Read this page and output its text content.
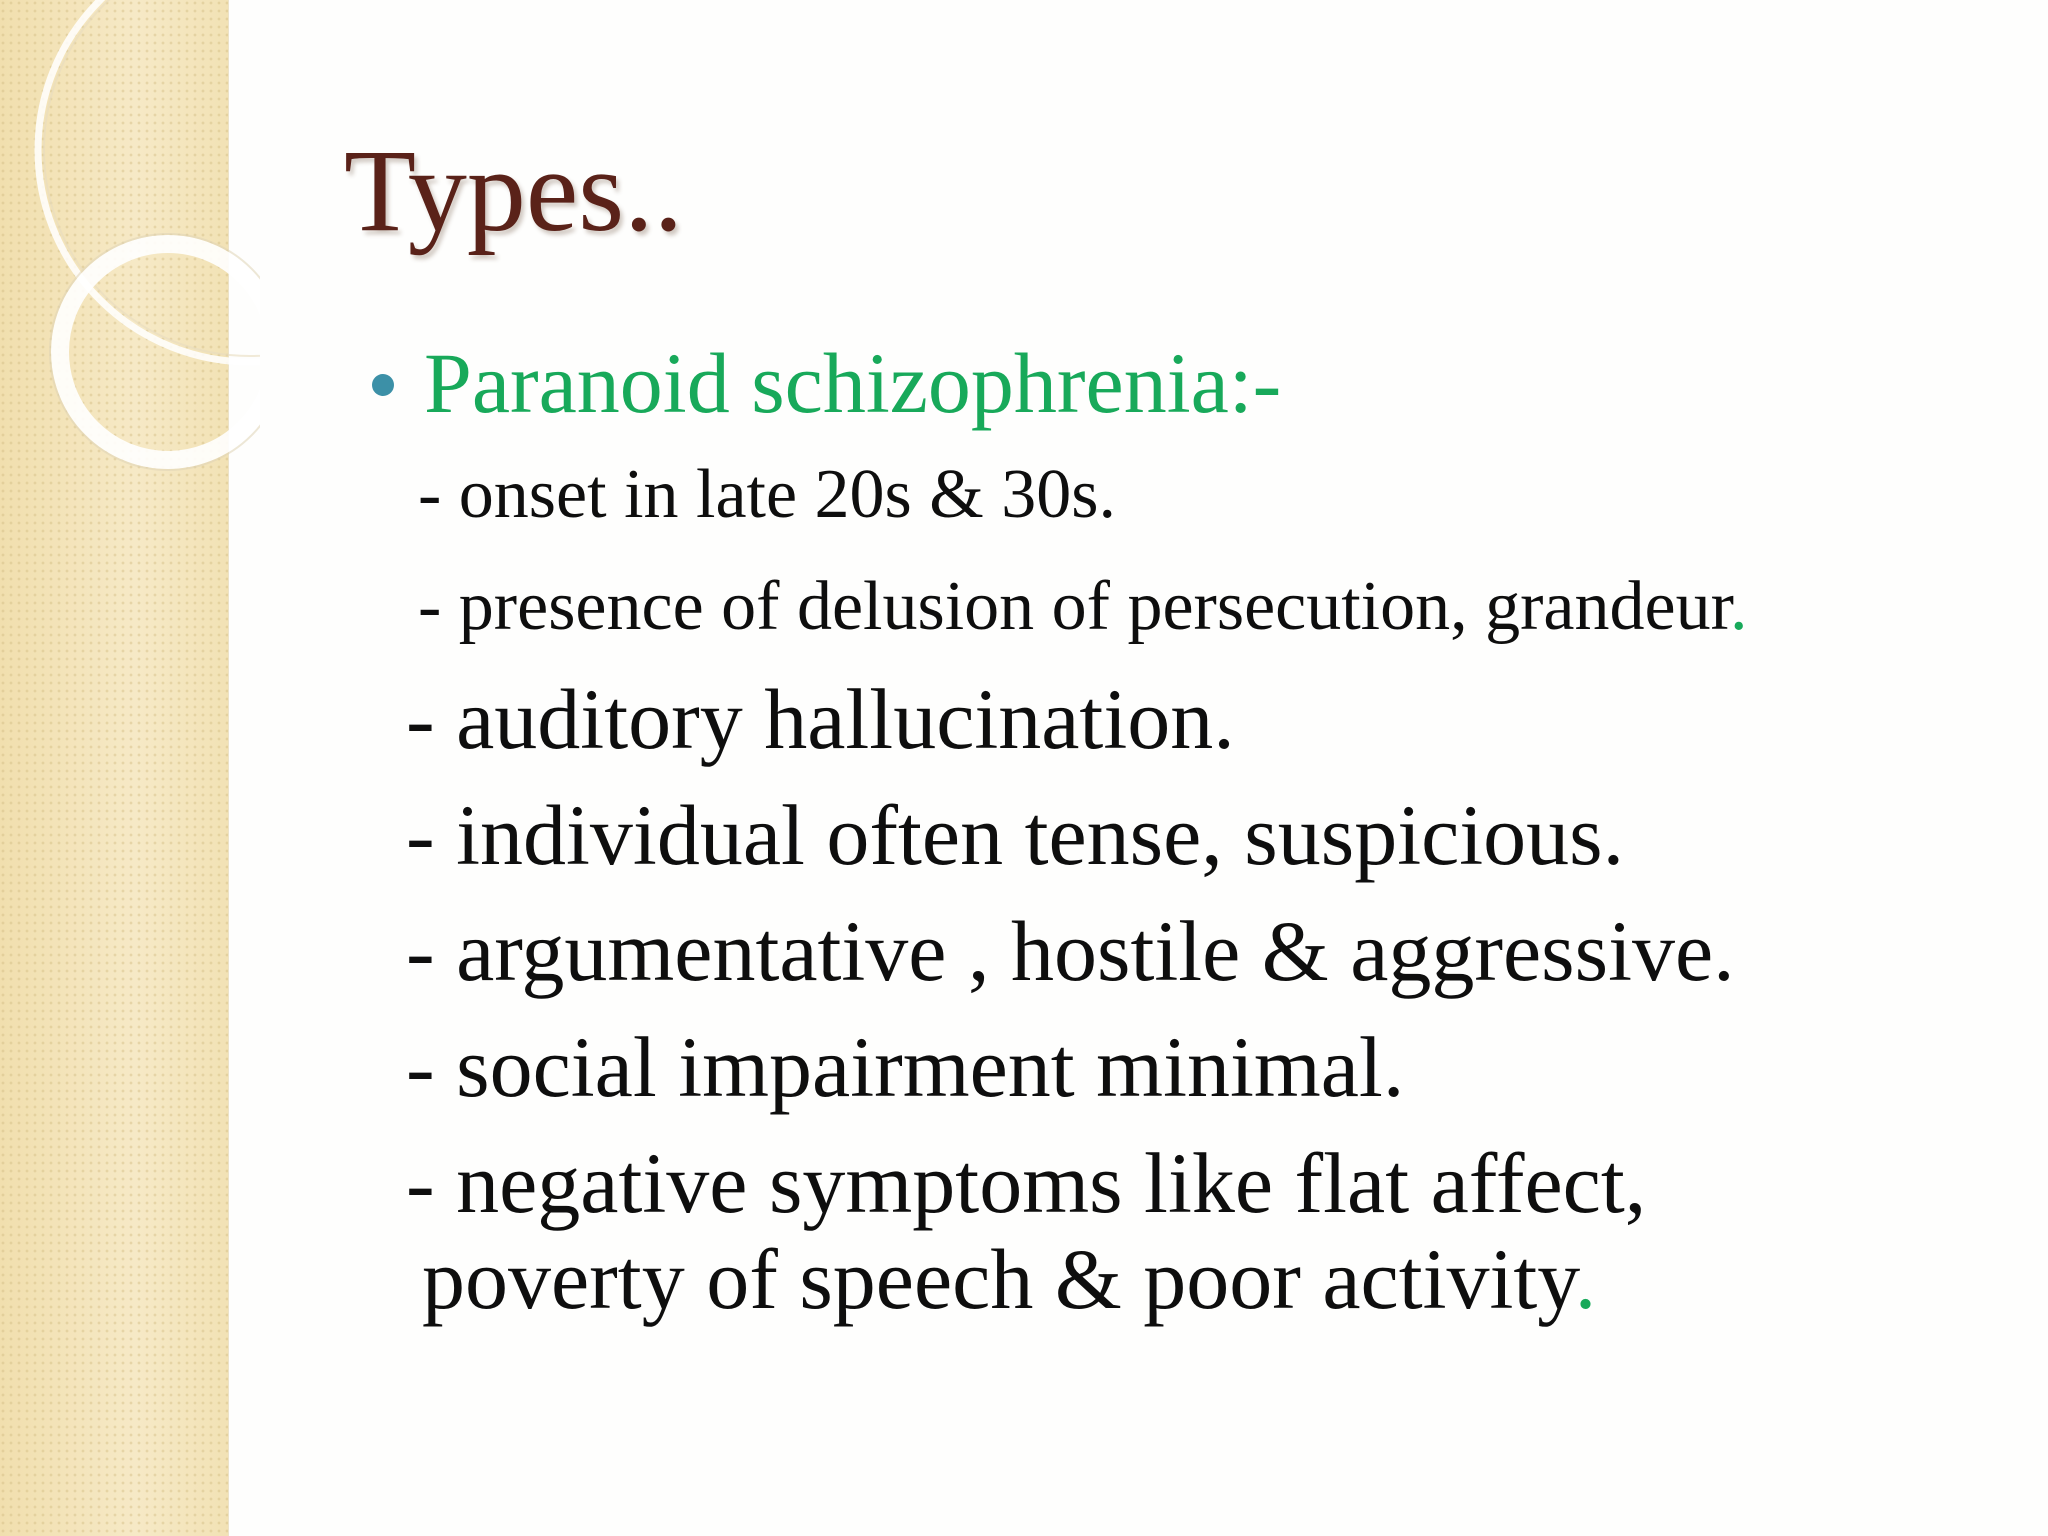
Types..
Paranoid schizophrenia:-
- onset in late 20s & 30s.
- presence of delusion of persecution, grandeur.
- auditory hallucination.
- individual often tense, suspicious.
- argumentative , hostile & aggressive.
- social impairment minimal.
- negative symptoms like flat affect,
poverty of speech & poor activity.
